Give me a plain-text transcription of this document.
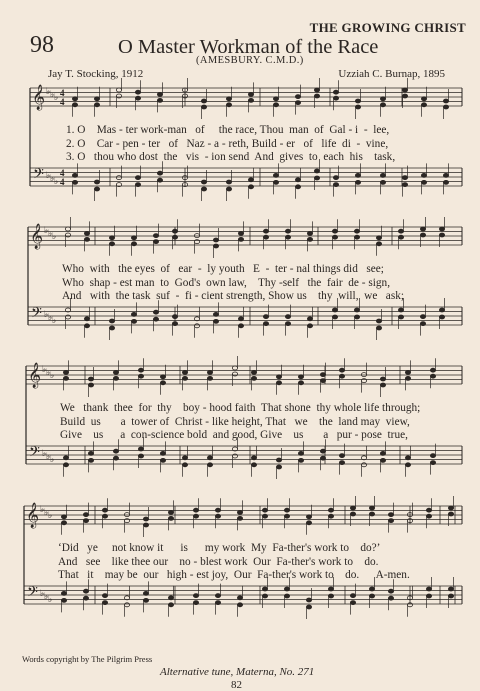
THE GROWING CHRIST
98	O Master Workman of the Race
(AMESBURY. C.M.D.)
Jay T. Stocking, 1912	Uzziah C. Burnap, 1895
𝄞
𝄢
♭
♭
♭
♭
♭
♭
4
4
4
4
𝄞
𝄢
♭
♭
♭
♭
♭
♭
𝄞
𝄢
♭
♭
♭
♭
♭
♭
𝄞
𝄢
♭
♭
♭
♭
♭
♭
1. O    Mas - ter work-man   of     the race, Thou  man  of  Gal - i  -  lee,
2. O    Car - pen - ter   of   Naz - a - reth, Build - er   of   life  di  -  vine,
3. O   thou who dost  the   vis  - ion send  And  gives  to  each  his    task,
Who  with   the eyes  of   ear  -  ly youth   E  -  ter - nal things did   see;
Who  shap - est man  to  God's  own law,    Thy -self   the  fair  de - sign,
And   with  the task  suf  -  fi - cient strength, Show us    thy  will,  we   ask;
We   thank  thee  for  thy    boy - hood faith  That shone  thy whole life through;
Build  us       a  tower of  Christ - like height, That   we    the  land may  view,
Give    us      a  con-science bold  and good, Give    us       a   pur - pose  true,
‘Did   ye     not know it      is      my work  My  Fa-ther's work to    do?’
And   see    like thee our    no - blest work  Our  Fa-ther's work to    do.
That   it    may be  our   high - est joy,  Our  Fa-ther's work to    do.      A-men.
Words copyright by The Pilgrim Press
Alternative tune, Materna, No. 271
82
